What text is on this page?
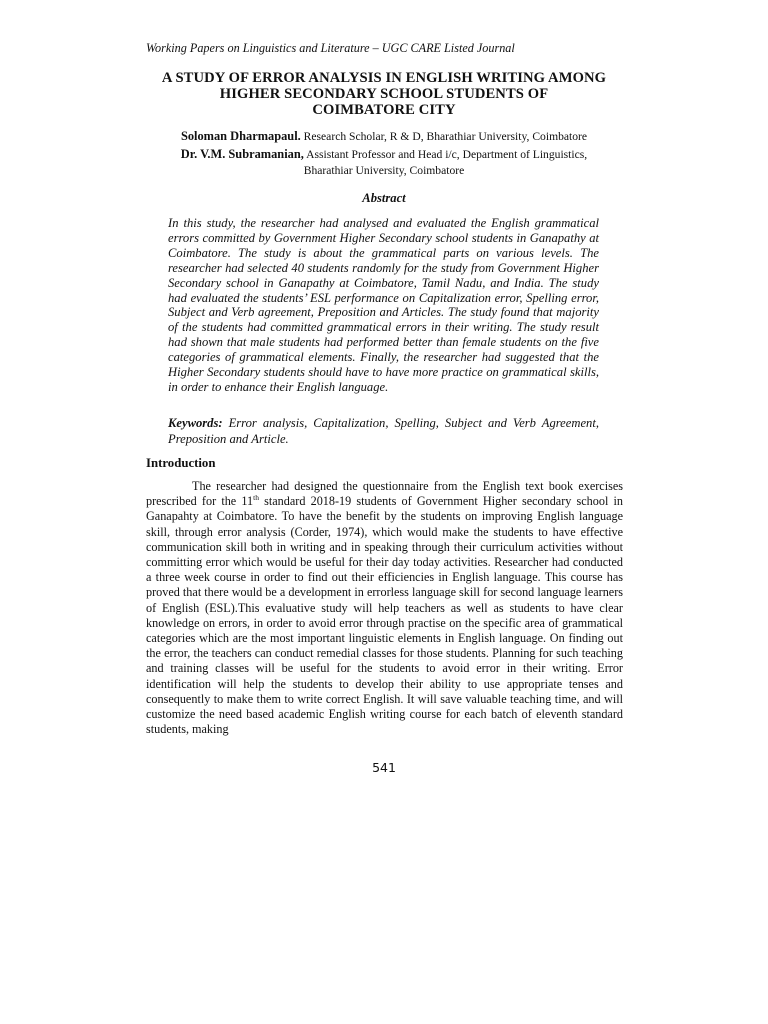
Working Papers on Linguistics and Literature – UGC CARE Listed Journal
A STUDY OF ERROR ANALYSIS IN ENGLISH WRITING AMONG
HIGHER SECONDARY SCHOOL STUDENTS OF
COIMBATORE CITY
Soloman Dharmapaul. Research Scholar, R & D, Bharathiar University, Coimbatore
Dr. V.M. Subramanian, Assistant Professor and Head i/c, Department of Linguistics,
Bharathiar University, Coimbatore
Abstract
In this study, the researcher had analysed and evaluated the English grammatical errors committed by Government Higher Secondary school students in Ganapathy at Coimbatore. The study is about the grammatical parts on various levels. The researcher had selected 40 students randomly for the study from Government Higher Secondary school in Ganapathy at Coimbatore, Tamil Nadu, and India. The study had evaluated the students’ ESL performance on Capitalization error, Spelling error, Subject and Verb agreement, Preposition and Articles. The study found that majority of the students had committed grammatical errors in their writing. The study result had shown that male students had performed better than female students on the five categories of grammatical elements. Finally, the researcher had suggested that the Higher Secondary students should have to have more practice on grammatical skills, in order to enhance their English language.
Keywords: Error analysis, Capitalization, Spelling, Subject and Verb Agreement, Preposition and Article.
Introduction

The researcher had designed the questionnaire from the English text book exercises prescribed for the 11th standard 2018-19 students of Government Higher secondary school in Ganapahty at Coimbatore. To have the benefit by the students on improving English language skill, through error analysis (Corder, 1974), which would make the students to have effective communication skill both in writing and in speaking through their curriculum activities without committing error which would be useful for their day today activities. Researcher had conducted a three week course in order to find out their efficiencies in English language. This course has proved that there would be a development in errorless language skill for second language learners of English (ESL).This evaluative study will help teachers as well as students to have clear knowledge on errors, in order to avoid error through practise on the specific area of grammatical categories which are the most important linguistic elements in English language. On finding out the error, the teachers can conduct remedial classes for those students. Planning for such teaching and training classes will be useful for the students to avoid error in their writing. Error identification will help the students to develop their ability to use appropriate tenses and consequently to make them to write correct English. It will save valuable teaching time, and will customize the need based academic English writing course for each batch of eleventh standard students, making

541
